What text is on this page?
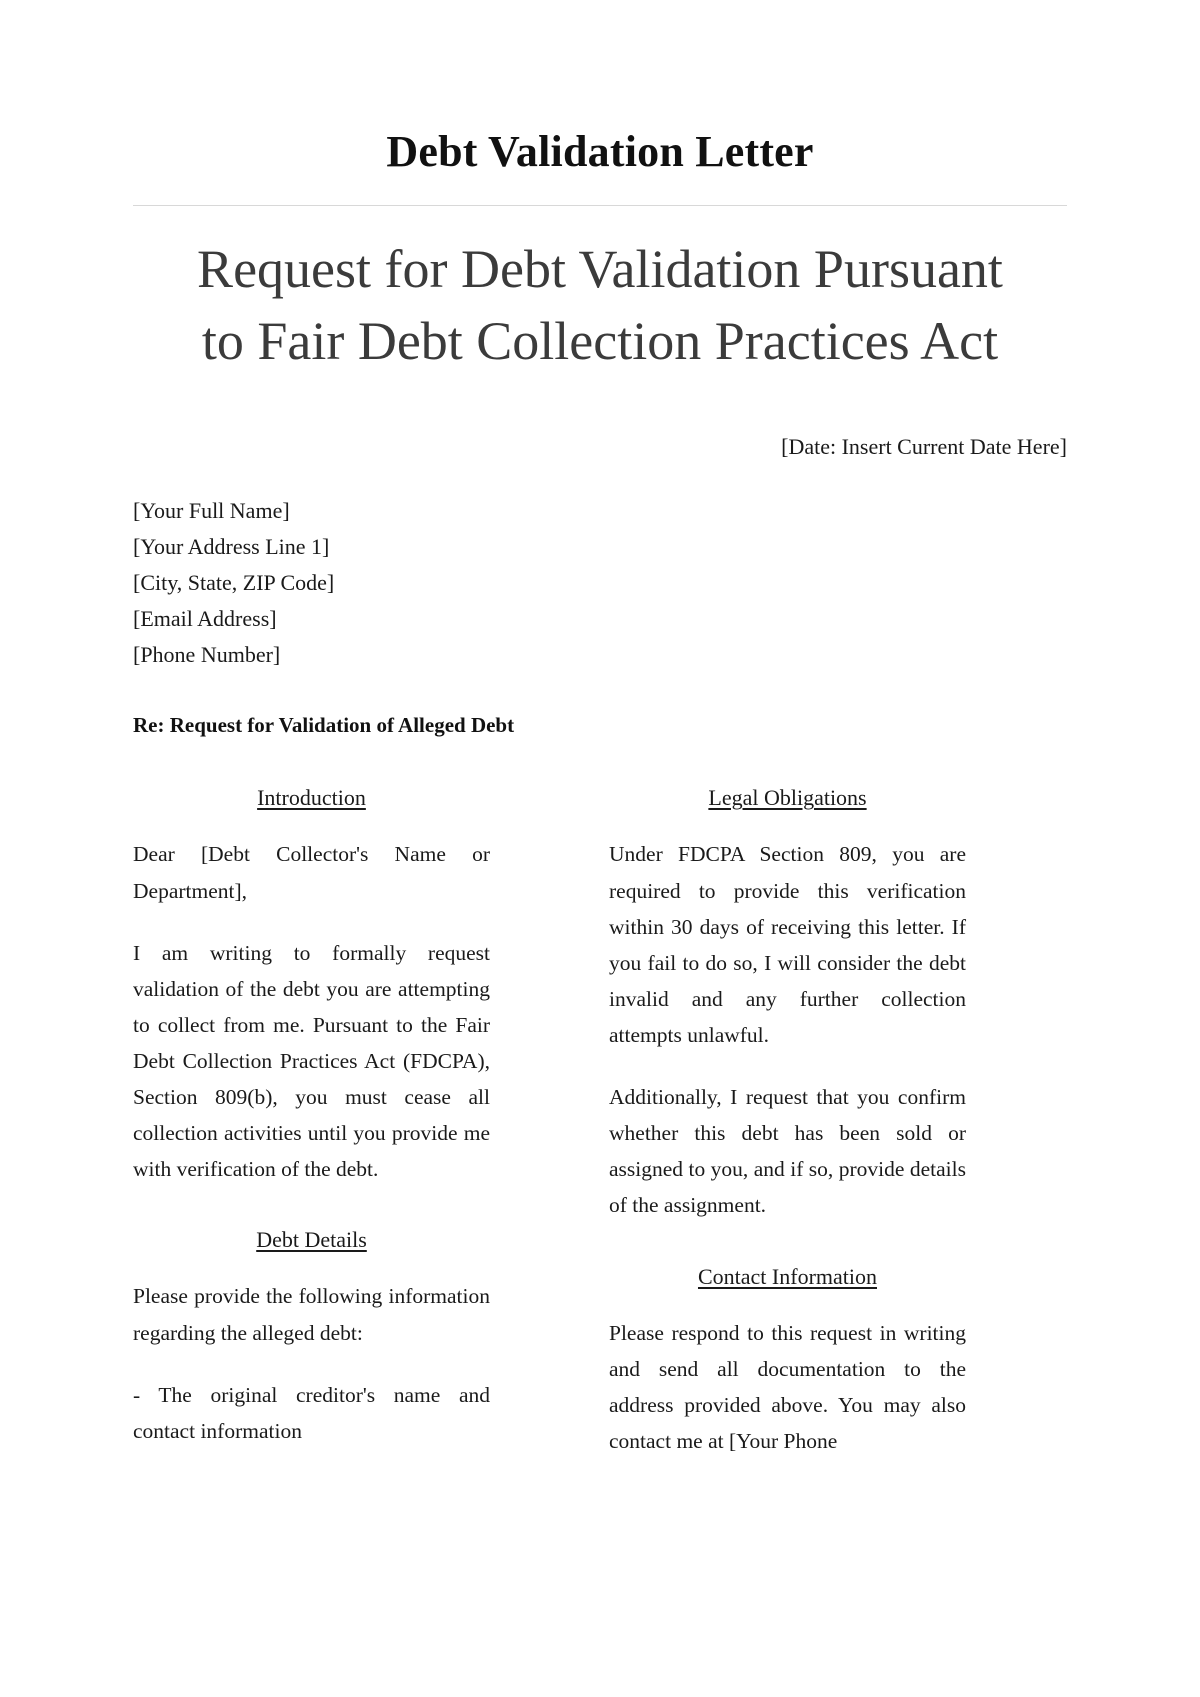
Debt Validation Letter
Request for Debt Validation Pursuant to Fair Debt Collection Practices Act
[Date: Insert Current Date Here]
[Your Full Name]
[Your Address Line 1]
[City, State, ZIP Code]
[Email Address]
[Phone Number]
Re: Request for Validation of Alleged Debt
Introduction

Dear [Debt Collector's Name or Department],

I am writing to formally request validation of the debt you are attempting to collect from me. Pursuant to the Fair Debt Collection Practices Act (FDCPA), Section 809(b), you must cease all collection activities until you provide me with verification of the debt.

Debt Details

Please provide the following information regarding the alleged debt:

- The original creditor's name and contact information

Legal Obligations

Under FDCPA Section 809, you are required to provide this verification within 30 days of receiving this letter. If you fail to do so, I will consider the debt invalid and any further collection attempts unlawful.

Additionally, I request that you confirm whether this debt has been sold or assigned to you, and if so, provide details of the assignment.

Contact Information

Please respond to this request in writing and send all documentation to the address provided above. You may also contact me at [Your Phone
